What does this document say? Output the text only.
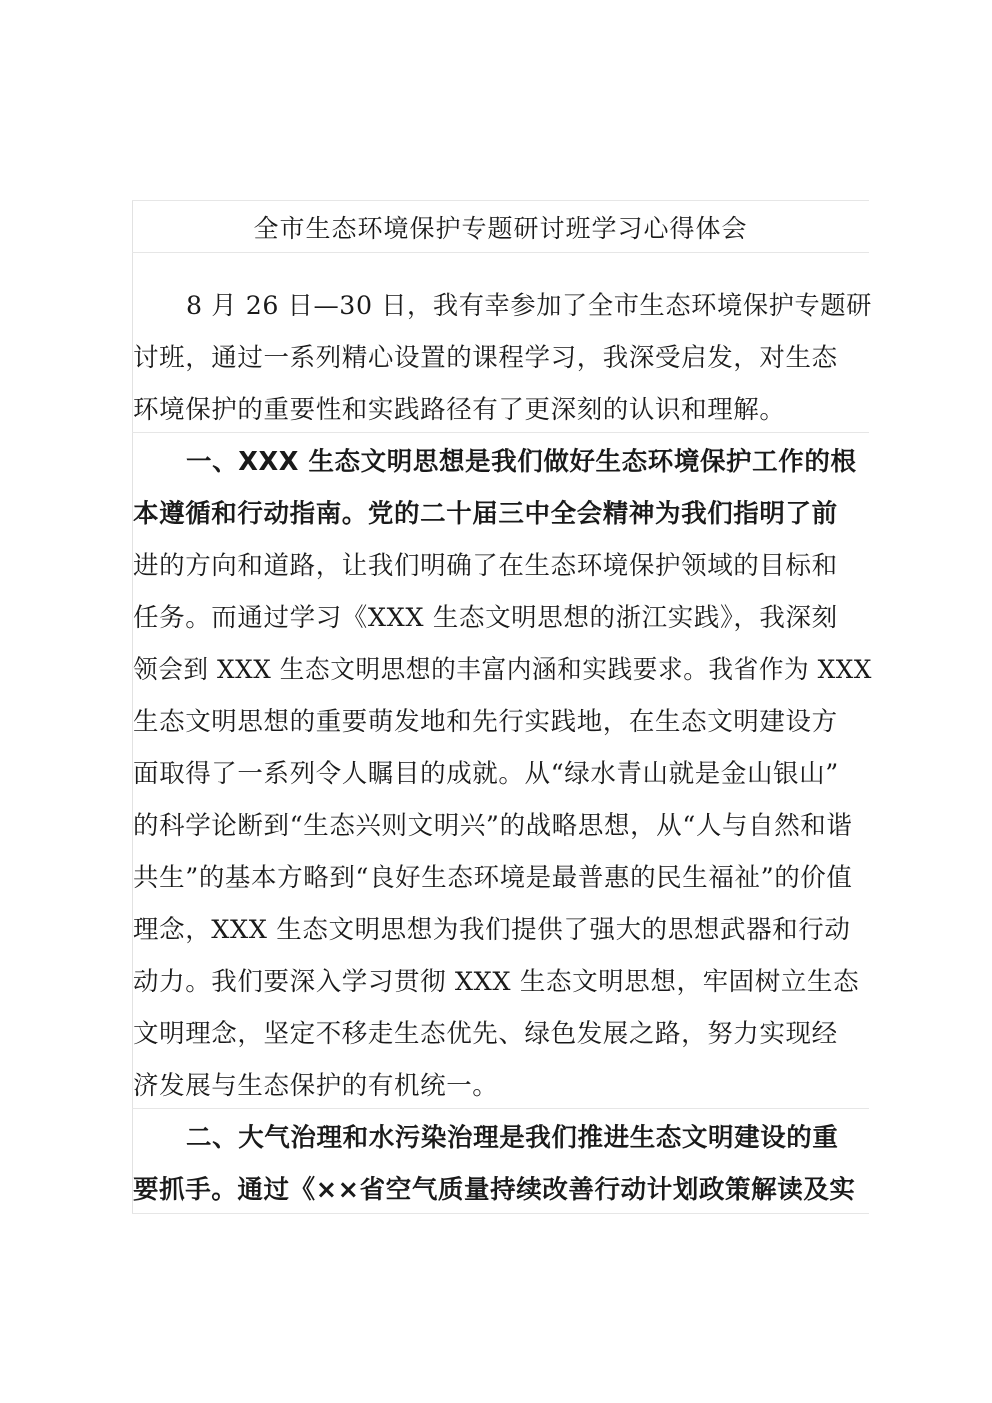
全市生态环境保护专题研讨班学习心得体会
8 月 26 日—30 日，我有幸参加了全市生态环境保护专题研
讨班，通过一系列精心设置的课程学习，我深受启发，对生态
环境保护的重要性和实践路径有了更深刻的认识和理解。
一、XXX 生态文明思想是我们做好生态环境保护工作的根
本遵循和行动指南。党的二十届三中全会精神为我们指明了前
进的方向和道路，让我们明确了在生态环境保护领域的目标和
任务。而通过学习《XXX 生态文明思想的浙江实践》，我深刻
领会到 XXX 生态文明思想的丰富内涵和实践要求。我省作为 XXX
生态文明思想的重要萌发地和先行实践地，在生态文明建设方
面取得了一系列令人瞩目的成就。从“绿水青山就是金山银山”
的科学论断到“生态兴则文明兴”的战略思想，从“人与自然和谐
共生”的基本方略到“良好生态环境是最普惠的民生福祉”的价值
理念，XXX 生态文明思想为我们提供了强大的思想武器和行动
动力。我们要深入学习贯彻 XXX 生态文明思想，牢固树立生态
文明理念，坚定不移走生态优先、绿色发展之路，努力实现经
济发展与生态保护的有机统一。
二、大气治理和水污染治理是我们推进生态文明建设的重
要抓手。通过《××省空气质量持续改善行动计划政策解读及实
